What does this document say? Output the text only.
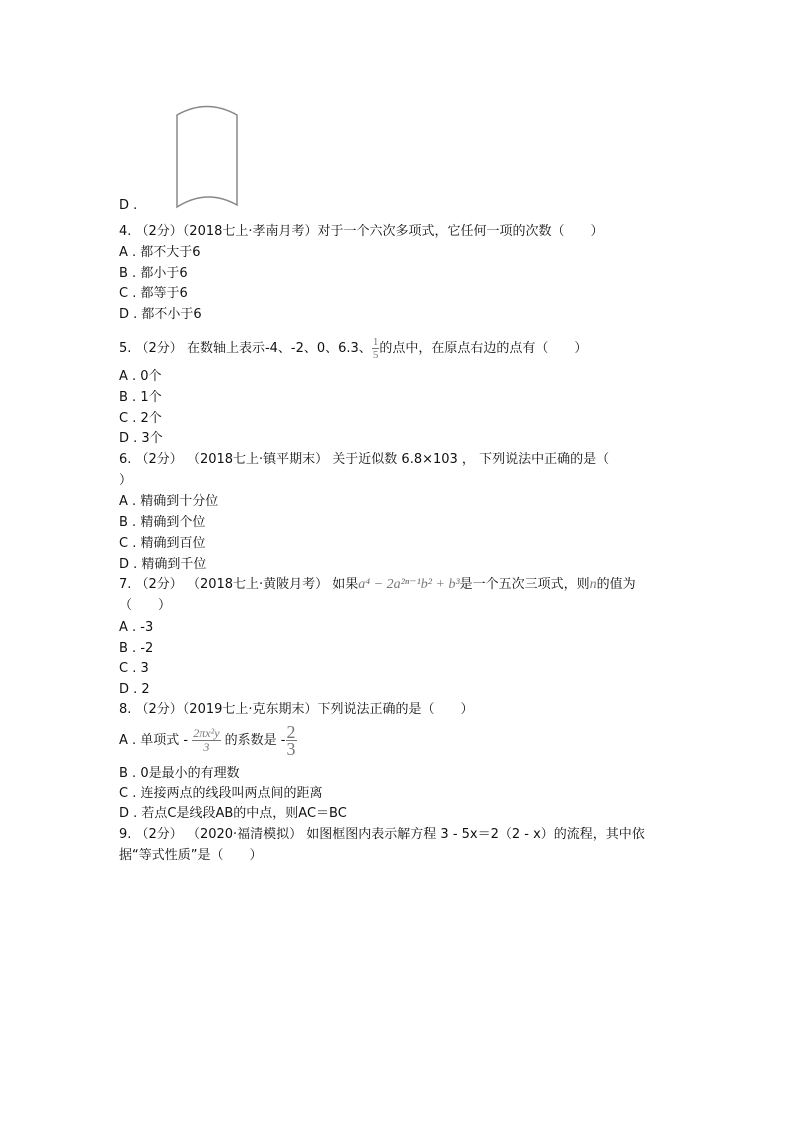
D .
4. （2分）（2018七上·孝南月考）对于一个六次多项式，它任何一项的次数（　　）
A . 都不大于6
B . 都小于6
C . 都等于6
D . 都不小于6
5. （2分） 在数轴上表示-4、-2、0、6.3、 $\frac{1}{5}$ 的点中，在原点右边的点有（　　）
A . 0个
B . 1个
C . 2个
D . 3个
6. （2分） （2018七上·镇平期末） 关于近似数 6.8×103 ， 下列说法中正确的是（
）
A . 精确到十分位
B . 精确到个位
C . 精确到百位
D . 精确到千位
7. （2分） （2018七上·黄陂月考） 如果a⁴ − 2a²ⁿ⁻¹b² + b³是一个五次三项式，则n的值为
（　　）
A . -3
B . -2
C . 3
D . 2
8. （2分）（2019七上·克东期末）下列说法正确的是（　　）
A . 单项式 - $\frac{\text{2πx²y}}{3}$ 的系数是 - $\frac{2}{3}$
B . 0是最小的有理数
C . 连接两点的线段叫两点间的距离
D . 若点C是线段AB的中点，则AC＝BC
9. （2分） （2020·福清模拟） 如图框图内表示解方程 3 - 5x＝2（2 - x）的流程，其中依
据“等式性质”是（　　）
